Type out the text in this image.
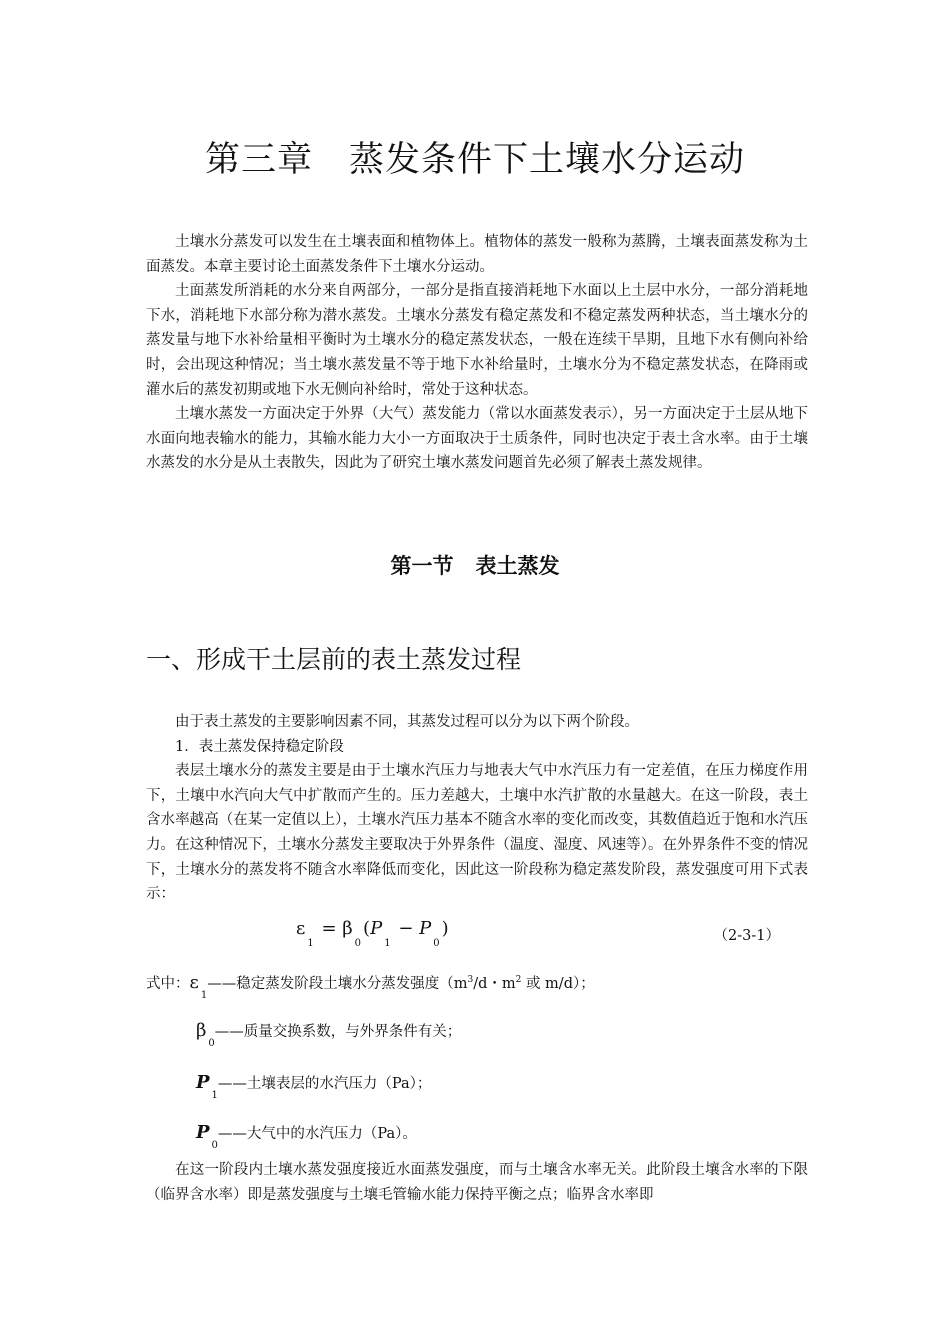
第三章 蒸发条件下土壤水分运动

土壤水分蒸发可以发生在土壤表面和植物体上。植物体的蒸发一般称为蒸腾，土壤表面蒸发称为土面蒸发。本章主要讨论土面蒸发条件下土壤水分运动。

土面蒸发所消耗的水分来自两部分，一部分是指直接消耗地下水面以上土层中水分，一部分消耗地下水，消耗地下水部分称为潜水蒸发。土壤水分蒸发有稳定蒸发和不稳定蒸发两种状态，当土壤水分的蒸发量与地下水补给量相平衡时为土壤水分的稳定蒸发状态，一般在连续干旱期，且地下水有侧向补给时，会出现这种情况；当土壤水蒸发量不等于地下水补给量时，土壤水分为不稳定蒸发状态，在降雨或灌水后的蒸发初期或地下水无侧向补给时，常处于这种状态。

土壤水蒸发一方面决定于外界（大气）蒸发能力（常以水面蒸发表示），另一方面决定于土层从地下水面向地表输水的能力，其输水能力大小一方面取决于土质条件，同时也决定于表土含水率。由于土壤水蒸发的水分是从土表散失，因此为了研究土壤水蒸发问题首先必须了解表土蒸发规律。

第一节 表土蒸发
一、形成干土层前的表土蒸发过程

由于表土蒸发的主要影响因素不同，其蒸发过程可以分为以下两个阶段。

1．表土蒸发保持稳定阶段

表层土壤水分的蒸发主要是由于土壤水汽压力与地表大气中水汽压力有一定差值，在压力梯度作用下，土壤中水汽向大气中扩散而产生的。压力差越大，土壤中水汽扩散的水量越大。在这一阶段，表土含水率越高（在某一定值以上），土壤水汽压力基本不随含水率的变化而改变，其数值趋近于饱和水汽压力。在这种情况下，土壤水分蒸发主要取决于外界条件（温度、湿度、风速等）。在外界条件不变的情况下，土壤水分的蒸发将不随含水率降低而变化，因此这一阶段称为稳定蒸发阶段，蒸发强度可用下式表示：

$\varepsilon_1 = \beta_0(P_1 - P_0)$	（2-3-1）
式中：$\varepsilon_1——$稳定蒸发阶段土壤水分蒸发强度（$m^3/d$・$m^2$ 或 m/d）；
$\beta_0——$质量交换系数，与外界条件有关；
$P_1——$土壤表层的水汽压力（Pa）；
$P_0——$大气中的水汽压力（Pa）。

在这一阶段内土壤水蒸发强度接近水面蒸发强度，而与土壤含水率无关。此阶段土壤含水率的下限（临界含水率）即是蒸发强度与土壤毛管输水能力保持平衡之点；临界含水率即
